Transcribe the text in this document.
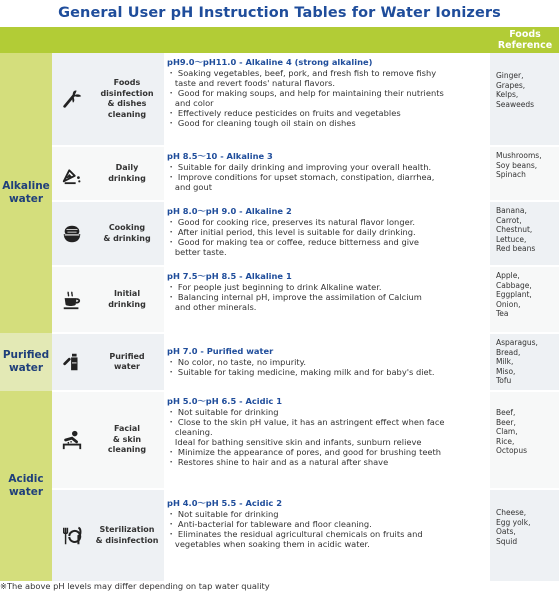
General User pH Instruction Tables for Water Ionizers
Foods
Reference
Alkaline
water
Purified
water
Acidic
water
Foods
disinfection
& dishes
cleaning
pH9.0〜pH11.0 - Alkaline 4 (strong alkaline)
・ Soaking vegetables, beef, pork, and fresh fish to remove fishy
taste and revert foods' natural flavors.
・ Good for making soups, and help for maintaining their nutrients
and color
・ Effectively reduce pesticides on fruits and vegetables
・ Good for cleaning tough oil stain on dishes
Ginger,
Grapes,
Kelps,
Seaweeds
Daily
drinking
pH 8.5〜10 - Alkaline 3
・ Suitable for daily drinking and improving your overall health.
・ Improve conditions for upset stomach, constipation, diarrhea,
and gout
Mushrooms,
Soy beans,
Spinach
Cooking
& drinking
pH 8.0〜pH 9.0 - Alkaline 2
・ Good for cooking rice, preserves its natural flavor longer.
・ After initial period, this level is suitable for daily drinking.
・ Good for making tea or coffee, reduce bitterness and give
better taste.
Banana,
Carrot,
Chestnut,
Lettuce,
Red beans
Initial
drinking
pH 7.5〜pH 8.5 - Alkaline 1
・ For people just beginning to drink Alkaline water.
・ Balancing internal pH, improve the assimilation of Calcium
and other minerals.
Apple,
Cabbage,
Eggplant,
Onion,
Tea
Purified
water
pH 7.0 - Purified water
・ No color, no taste, no impurity.
・ Suitable for taking medicine, making milk and for baby's diet.
Asparagus,
Bread,
Milk,
Miso,
Tofu
Facial
& skin
cleaning
pH 5.0〜pH 6.5 - Acidic 1
・ Not suitable for drinking
・ Close to the skin pH value, it has an astringent effect when face
cleaning.
Ideal for bathing sensitive skin and infants, sunburn relieve
・ Minimize the appearance of pores, and good for brushing teeth
・ Restores shine to hair and as a natural after shave
Beef,
Beer,
Clam,
Rice,
Octopus
Sterilization
& disinfection
pH 4.0〜pH 5.5 - Acidic 2
・ Not suitable for drinking
・ Anti-bacterial for tableware and floor cleaning.
・ Eliminates the residual agricultural chemicals on fruits and
vegetables when soaking them in acidic water.
Cheese,
Egg yolk,
Oats,
Squid
※The above pH levels may differ depending on tap water quality
